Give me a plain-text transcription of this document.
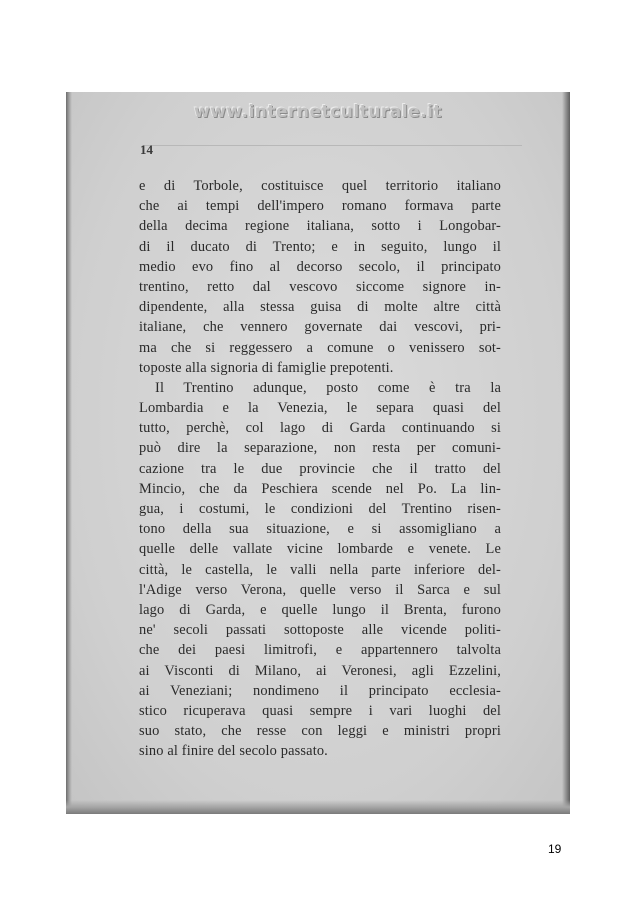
www.internetculturale.it
14
e di Torbole, costituisce quel territorio italiano
che ai tempi dell'impero romano formava parte
della decima regione italiana, sotto i Longobar-
di il ducato di Trento; e in seguito, lungo il
medio evo fino al decorso secolo, il principato
trentino, retto dal vescovo siccome signore in-
dipendente, alla stessa guisa di molte altre città
italiane, che vennero governate dai vescovi, pri-
ma che si reggessero a comune o venissero sot-
toposte alla signoria di famiglie prepotenti.
Il Trentino adunque, posto come è tra la
Lombardia e la Venezia, le separa quasi del
tutto, perchè, col lago di Garda continuando si
può dire la separazione, non resta per comuni-
cazione tra le due provincie che il tratto del
Mincio, che da Peschiera scende nel Po. La lin-
gua, i costumi, le condizioni del Trentino risen-
tono della sua situazione, e si assomigliano a
quelle delle vallate vicine lombarde e venete. Le
città, le castella, le valli nella parte inferiore del-
l'Adige verso Verona, quelle verso il Sarca e sul
lago di Garda, e quelle lungo il Brenta, furono
ne' secoli passati sottoposte alle vicende politi-
che dei paesi limitrofi, e appartennero talvolta
ai Visconti di Milano, ai Veronesi, agli Ezzelini,
ai Veneziani; nondimeno il principato ecclesia-
stico ricuperava quasi sempre i vari luoghi del
suo stato, che resse con leggi e ministri propri
sino al finire del secolo passato.
19
